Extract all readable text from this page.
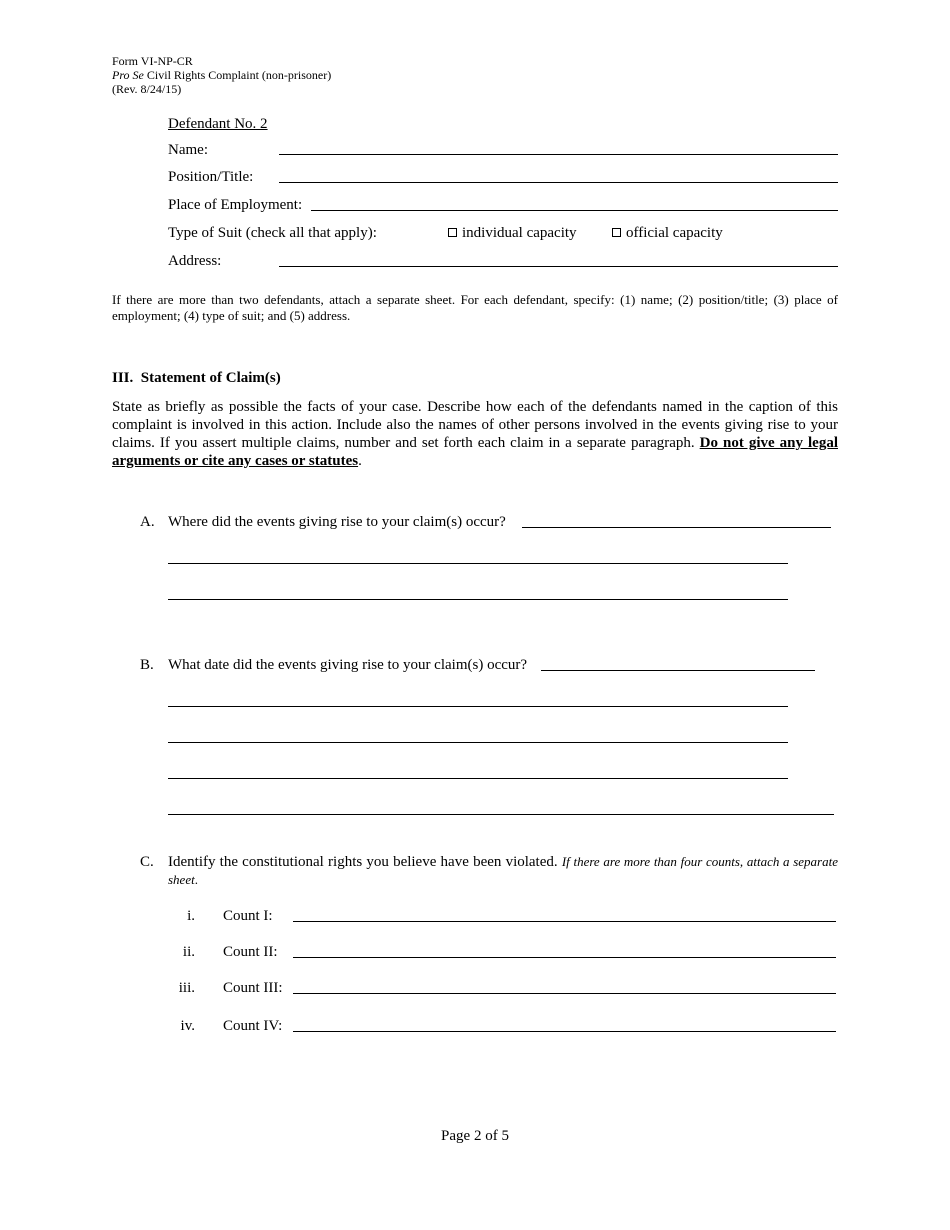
Form VI-NP-CR
Pro Se Civil Rights Complaint (non-prisoner)
(Rev. 8/24/15)
Defendant No. 2
Name:
Position/Title:
Place of Employment:
Type of Suit (check all that apply):	individual capacity	official capacity
Address:
If there are more than two defendants, attach a separate sheet. For each defendant, specify: (1) name; (2) position/title; (3) place of employment; (4) type of suit; and (5) address.
III. Statement of Claim(s)
State as briefly as possible the facts of your case. Describe how each of the defendants named in the caption of this complaint is involved in this action. Include also the names of other persons involved in the events giving rise to your claims. If you assert multiple claims, number and set forth each claim in a separate paragraph. Do not give any legal arguments or cite any cases or statutes.
A. Where did the events giving rise to your claim(s) occur?
B. What date did the events giving rise to your claim(s) occur?
C. Identify the constitutional rights you believe have been violated. If there are more than four counts, attach a separate sheet.
i. Count I:
ii. Count II:
iii. Count III:
iv. Count IV:
Page 2 of 5
